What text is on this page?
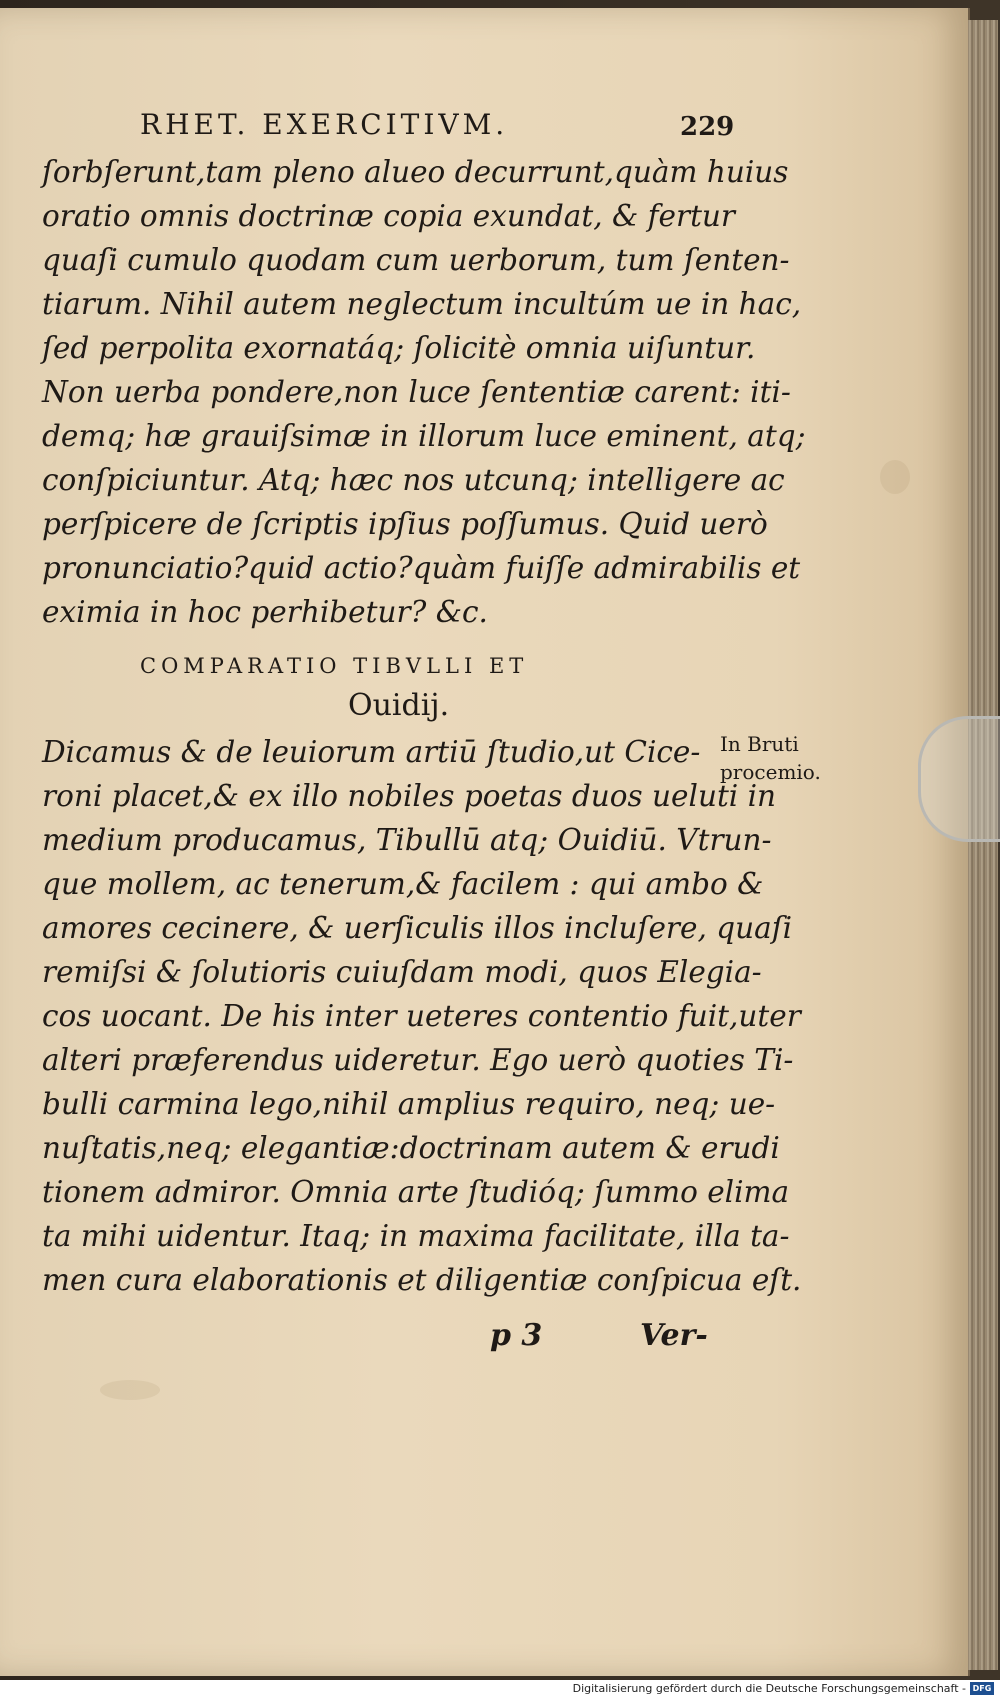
RHET. EXERCITIVM.	229
ſorbſerunt,tam pleno alueo decurrunt,quàm huius
oratio omnis doctrinæ copia exundat, & fertur
quaſi cumulo quodam cum uerborum, tum ſenten-
tiarum. Nihil autem neglectum incultúm ue in hac,
ſed perpolita exornatáq; ſolicitè omnia uiſuntur.
Non uerba pondere,non luce ſententiæ carent: iti-
demq; hæ grauiſsimæ in illorum luce eminent, atq;
conſpiciuntur. Atq; hæc nos utcunq; intelligere ac
perſpicere de ſcriptis ipſius poſſumus. Quid uerò
pronunciatio?quid actio?quàm fuiſſe admirabilis et
eximia in hoc perhibetur? &c.
COMPARATIO TIBVLLI ET
Ouidij.
In Bruti
procemio.
Dicamus & de leuiorum artiū ſtudio,ut Cice-
roni placet,& ex illo nobiles poetas duos ueluti in
medium producamus, Tibullū atq; Ouidiū. Vtrun-
que mollem, ac tenerum,& facilem : qui ambo &
amores cecinere, & uerſiculis illos incluſere, quaſi
remiſsi & ſolutioris cuiuſdam modi, quos Elegia-
cos uocant. De his inter ueteres contentio fuit,uter
alteri præferendus uideretur. Ego uerò quoties Ti-
bulli carmina lego,nihil amplius requiro, neq; ue-
nuſtatis,neq; elegantiæ:doctrinam autem & erudi
tionem admiror. Omnia arte ſtudióq; ſummo elima
ta mihi uidentur. Itaq; in maxima facilitate, illa ta-
men cura elaborationis et diligentiæ conſpicua eſt.
p 3	Ver-
Digitalisierung gefördert durch die Deutsche Forschungsgemeinschaft - DFG
